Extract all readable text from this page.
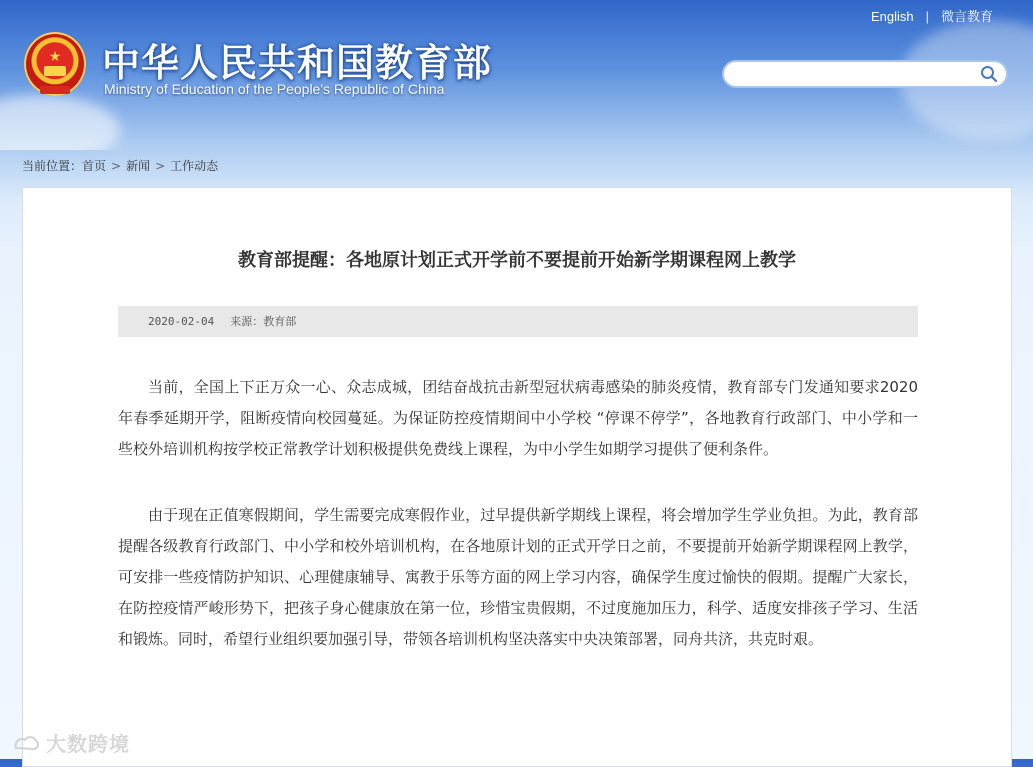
★	中华人民共和国教育部

Ministry of Education of the People's Republic of China

English | 微言教育
当前位置：首页 > 新闻 > 工作动态
教育部提醒：各地原计划正式开学前不要提前开始新学期课程网上教学
2020-02-04 来源：教育部

当前，全国上下正万众一心、众志成城，团结奋战抗击新型冠状病毒感染的肺炎疫情，教育部专门发通知要求2020年春季延期开学，阻断疫情向校园蔓延。为保证防控疫情期间中小学校 “停课不停学”，各地教育行政部门、中小学和一些校外培训机构按学校正常教学计划积极提供免费线上课程，为中小学生如期学习提供了便利条件。

由于现在正值寒假期间，学生需要完成寒假作业，过早提供新学期线上课程，将会增加学生学业负担。为此，教育部提醒各级教育行政部门、中小学和校外培训机构，在各地原计划的正式开学日之前，不要提前开始新学期课程网上教学，可安排一些疫情防护知识、心理健康辅导、寓教于乐等方面的网上学习内容，确保学生度过愉快的假期。提醒广大家长，在防控疫情严峻形势下，把孩子身心健康放在第一位，珍惜宝贵假期，不过度施加压力，科学、适度安排孩子学习、生活和锻炼。同时，希望行业组织要加强引导，带领各培训机构坚决落实中央决策部署，同舟共济，共克时艰。

大数跨境
